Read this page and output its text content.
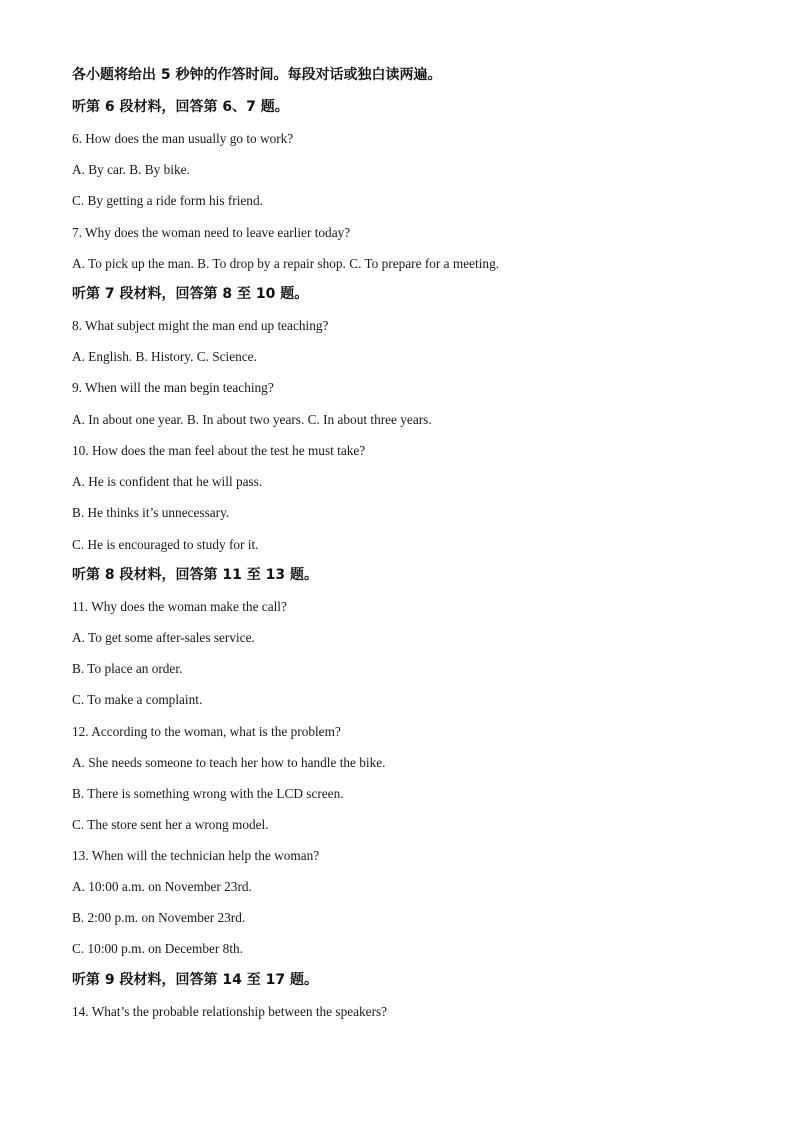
各小题将给出 5 秒钟的作答时间。每段对话或独白读两遍。
听第 6 段材料，回答第 6、7 题。
6. How does the man usually go to work?
A. By car. B. By bike.
C. By getting a ride form his friend.
7. Why does the woman need to leave earlier today?
A. To pick up the man. B. To drop by a repair shop. C. To prepare for a meeting.
听第 7 段材料，回答第 8 至 10 题。
8. What subject might the man end up teaching?
A. English. B. History. C. Science.
9. When will the man begin teaching?
A. In about one year. B. In about two years. C. In about three years.
10. How does the man feel about the test he must take?
A. He is confident that he will pass.
B. He thinks it’s unnecessary.
C. He is encouraged to study for it.
听第 8 段材料，回答第 11 至 13 题。
11. Why does the woman make the call?
A. To get some after-sales service.
B. To place an order.
C. To make a complaint.
12. According to the woman, what is the problem?
A. She needs someone to teach her how to handle the bike.
B. There is something wrong with the LCD screen.
C. The store sent her a wrong model.
13. When will the technician help the woman?
A. 10:00 a.m. on November 23rd.
B. 2:00 p.m. on November 23rd.
C. 10:00 p.m. on December 8th.
听第 9 段材料，回答第 14 至 17 题。
14. What’s the probable relationship between the speakers?
